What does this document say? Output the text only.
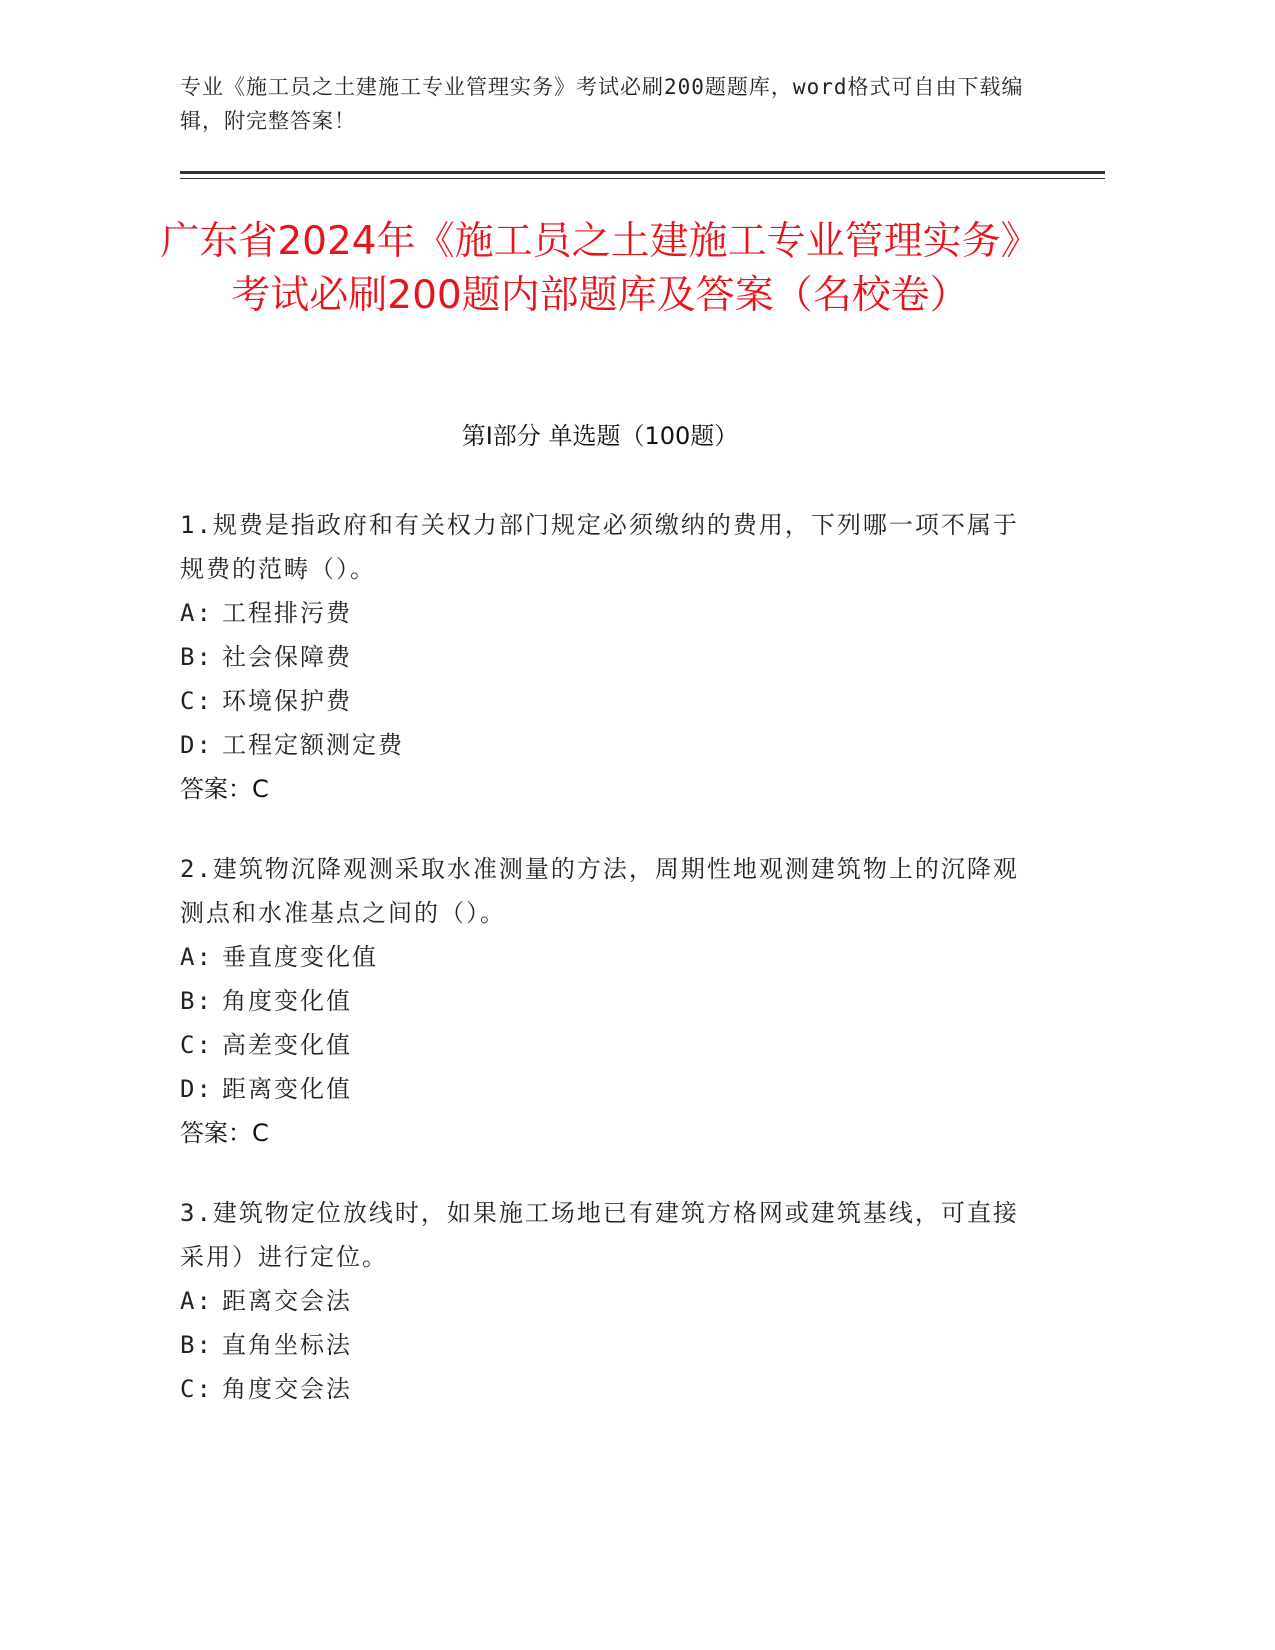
专业《施工员之土建施工专业管理实务》考试必刷200题题库，word格式可自由下载编辑，附完整答案！
广东省2024年《施工员之土建施工专业管理实务》考试必刷200题内部题库及答案（名校卷）
第Ⅰ部分 单选题（100题）

1.规费是指政府和有关权力部门规定必须缴纳的费用，下列哪一项不属于规费的范畴（）。

A: 工程排污费

B: 社会保障费

C: 环境保护费

D: 工程定额测定费

答案：C

2.建筑物沉降观测采取水准测量的方法，周期性地观测建筑物上的沉降观测点和水准基点之间的（）。

A: 垂直度变化值

B: 角度变化值

C: 高差变化值

D: 距离变化值

答案：C

3.建筑物定位放线时，如果施工场地已有建筑方格网或建筑基线，可直接采用）进行定位。

A: 距离交会法

B: 直角坐标法

C: 角度交会法
